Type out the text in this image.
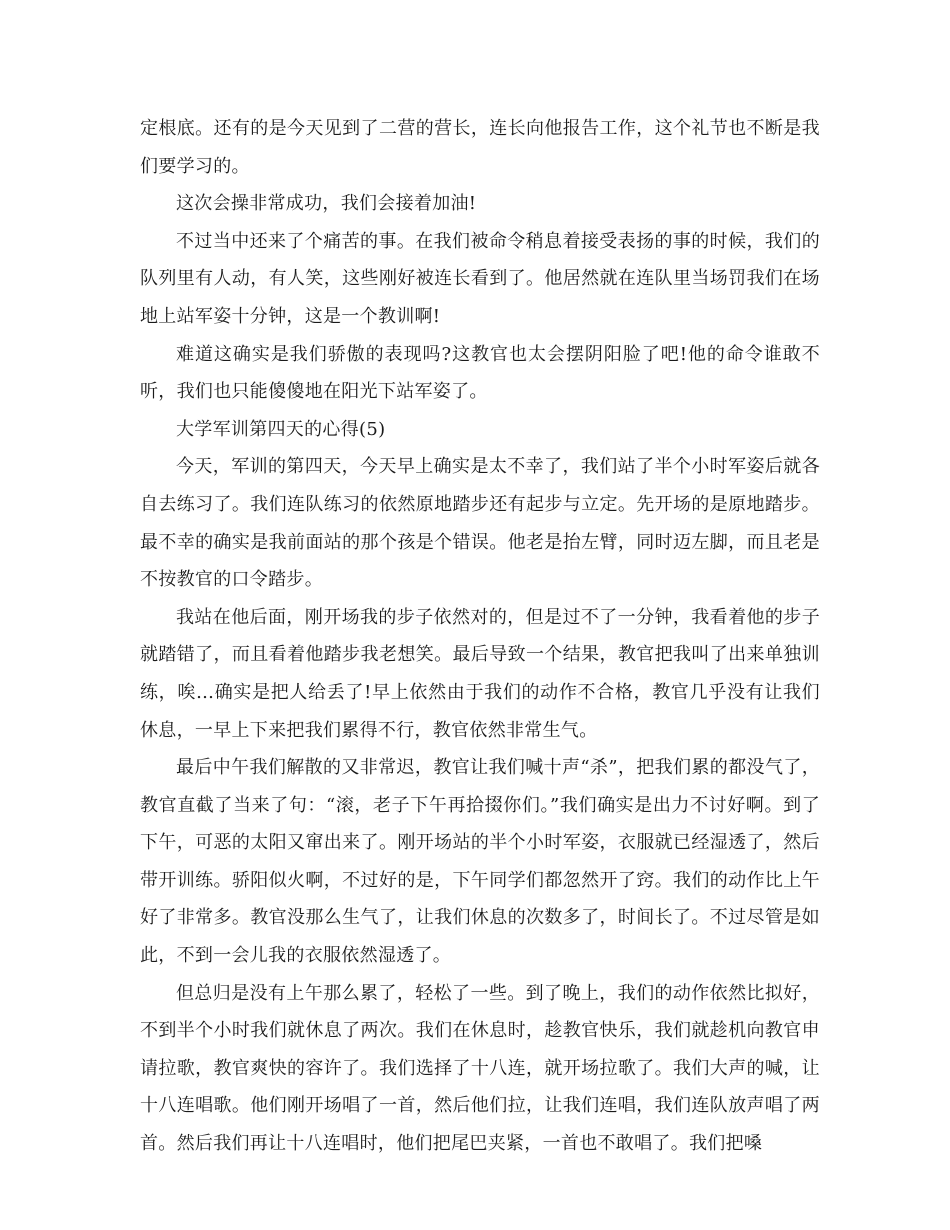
定根底。还有的是今天见到了二营的营长，连长向他报告工作，这个礼节也不断是我们要学习的。

这次会操非常成功，我们会接着加油!

不过当中还来了个痛苦的事。在我们被命令稍息着接受表扬的事的时候，我们的队列里有人动，有人笑，这些刚好被连长看到了。他居然就在连队里当场罚我们在场地上站军姿十分钟，这是一个教训啊!

难道这确实是我们骄傲的表现吗?这教官也太会摆阴阳脸了吧!他的命令谁敢不听，我们也只能傻傻地在阳光下站军姿了。

大学军训第四天的心得(5)

今天，军训的第四天，今天早上确实是太不幸了，我们站了半个小时军姿后就各自去练习了。我们连队练习的依然原地踏步还有起步与立定。先开场的是原地踏步。最不幸的确实是我前面站的那个孩是个错误。他老是抬左臂，同时迈左脚，而且老是不按教官的口令踏步。

我站在他后面，刚开场我的步子依然对的，但是过不了一分钟，我看着他的步子就踏错了，而且看着他踏步我老想笑。最后导致一个结果，教官把我叫了出来单独训练，唉…确实是把人给丢了!早上依然由于我们的动作不合格，教官几乎没有让我们休息，一早上下来把我们累得不行，教官依然非常生气。

最后中午我们解散的又非常迟，教官让我们喊十声“杀”，把我们累的都没气了，教官直截了当来了句：“滚，老子下午再拾掇你们。”我们确实是出力不讨好啊。到了下午，可恶的太阳又窜出来了。刚开场站的半个小时军姿，衣服就已经湿透了，然后带开训练。骄阳似火啊，不过好的是，下午同学们都忽然开了窍。我们的动作比上午好了非常多。教官没那么生气了，让我们休息的次数多了，时间长了。不过尽管是如此，不到一会儿我的衣服依然湿透了。

但总归是没有上午那么累了，轻松了一些。到了晚上，我们的动作依然比拟好，不到半个小时我们就休息了两次。我们在休息时，趁教官快乐，我们就趁机向教官申请拉歌，教官爽快的容许了。我们选择了十八连，就开场拉歌了。我们大声的喊，让十八连唱歌。他们刚开场唱了一首，然后他们拉，让我们连唱，我们连队放声唱了两首。然后我们再让十八连唱时，他们把尾巴夹紧，一首也不敢唱了。我们把嗓
